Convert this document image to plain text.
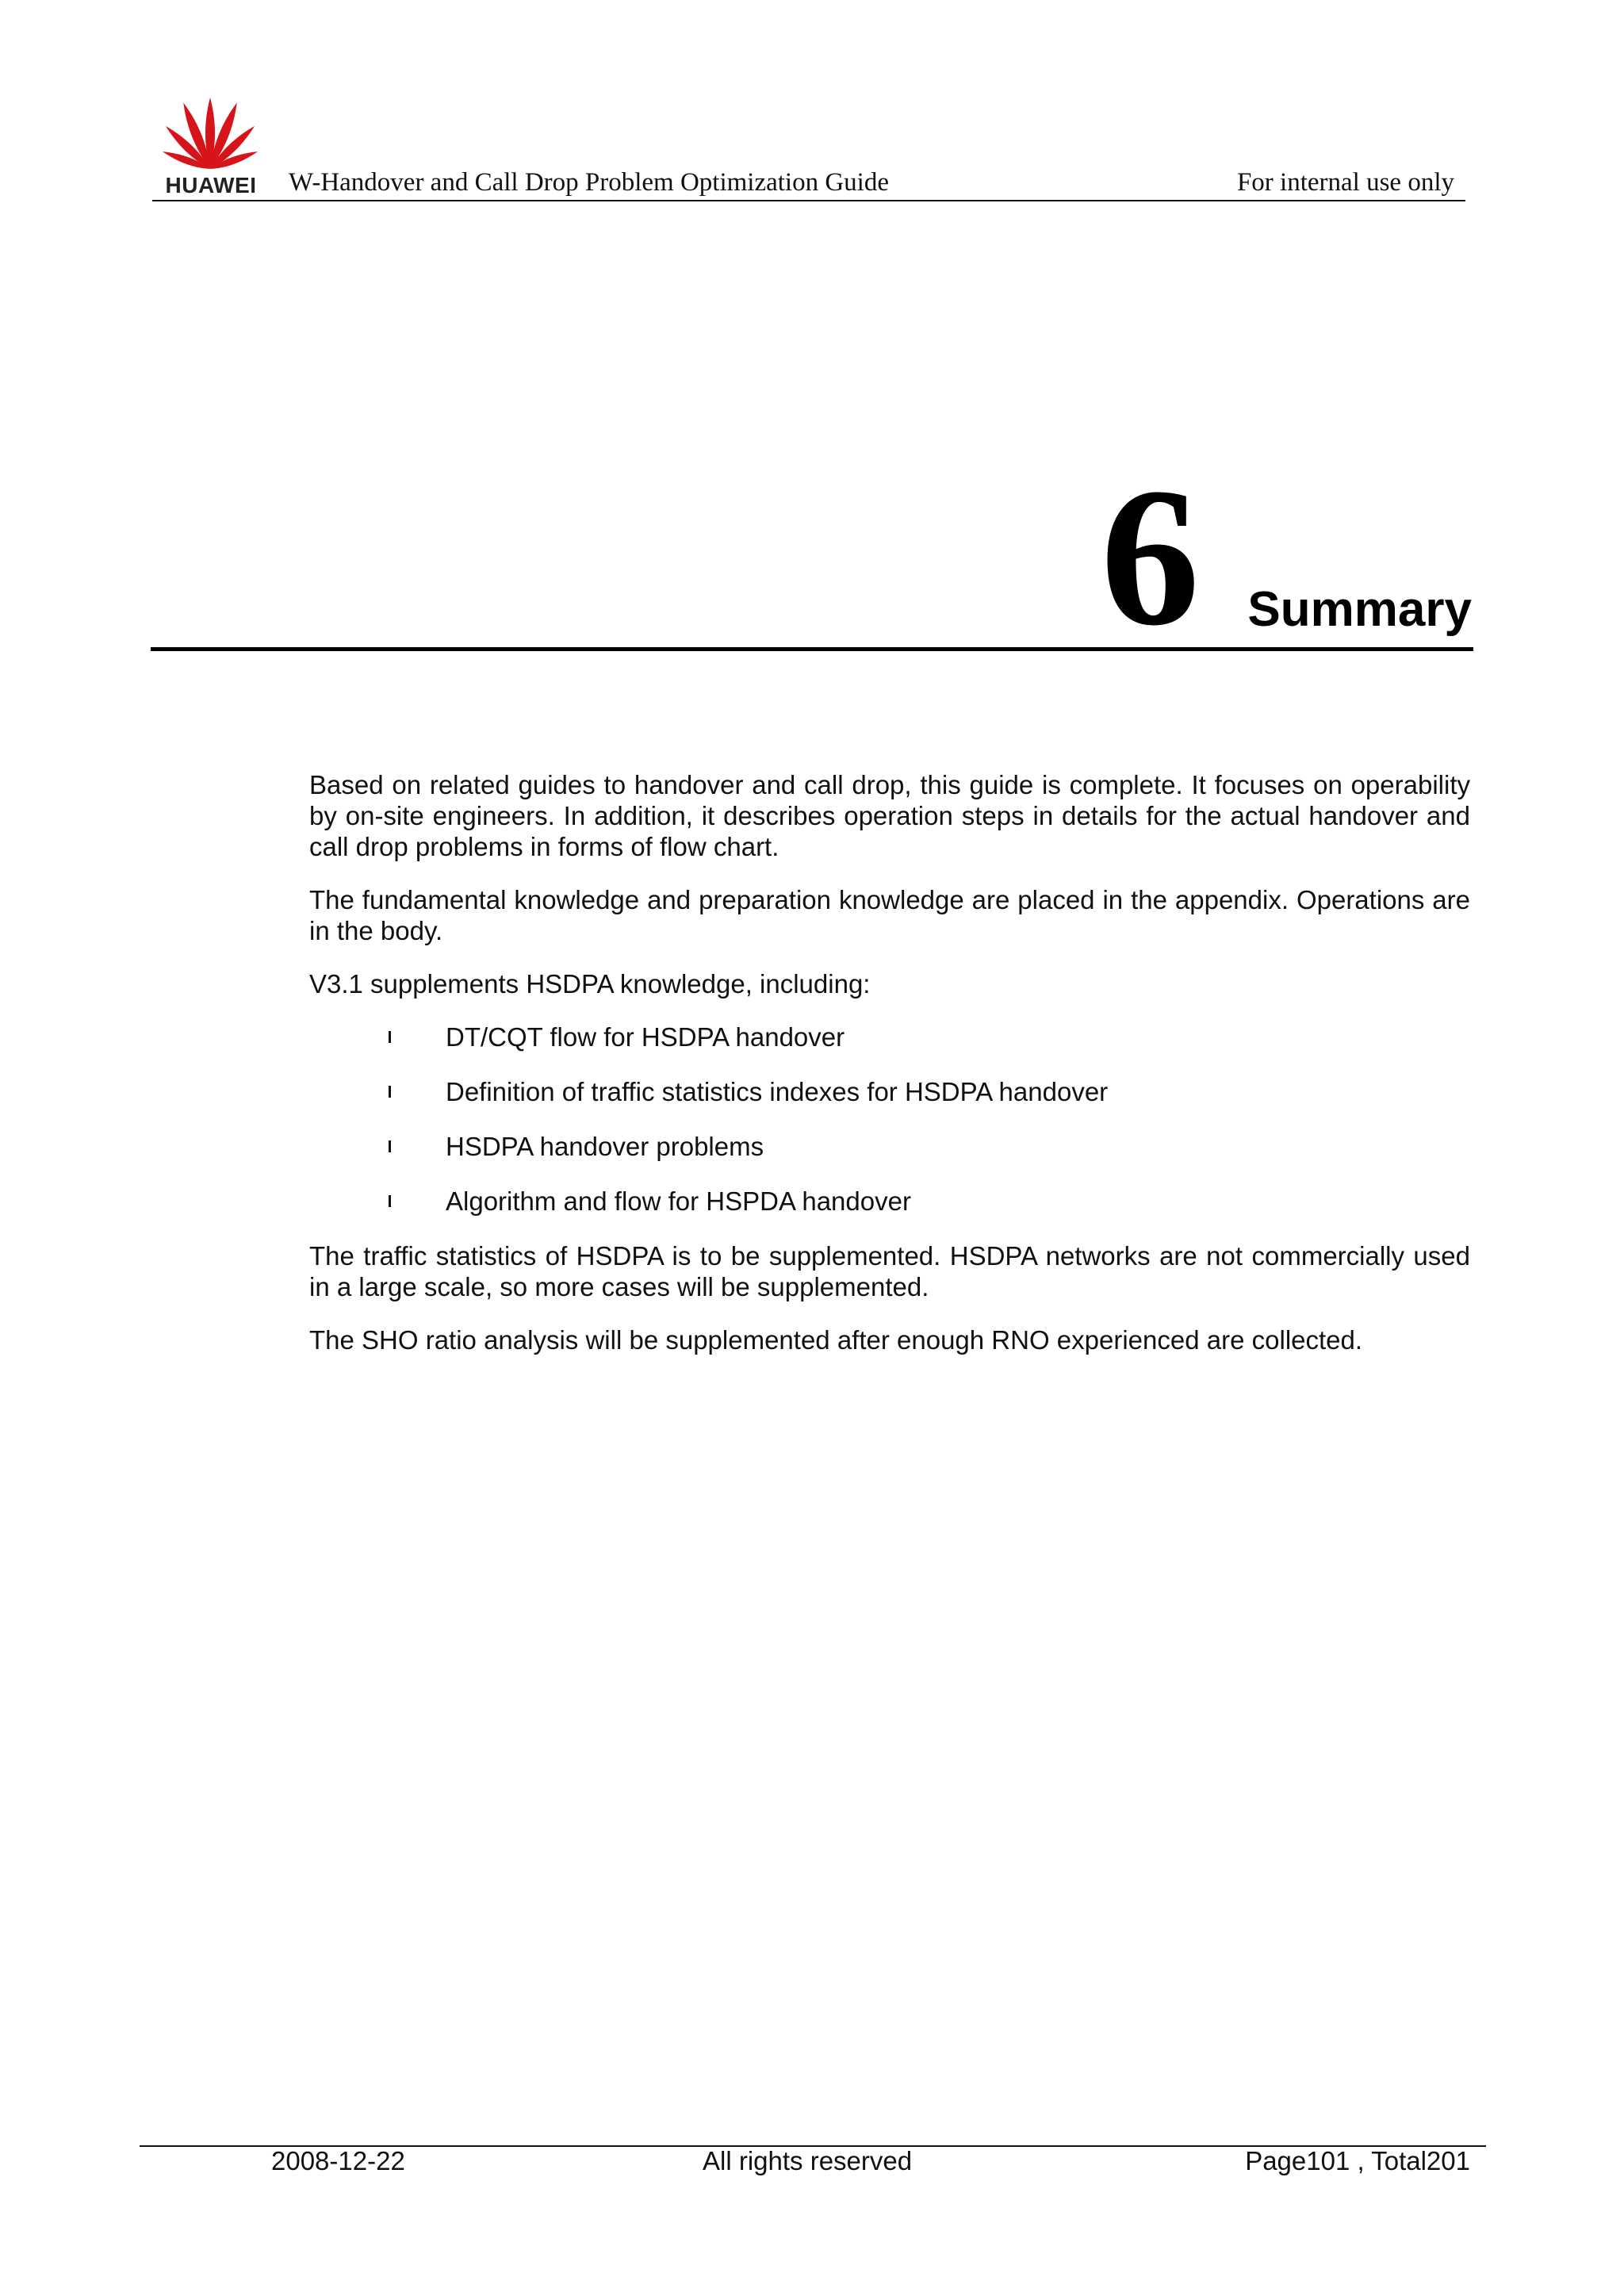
HUAWEI W-Handover and Call Drop Problem Optimization Guide	For internal use only
6 Summary

Based on related guides to handover and call drop, this guide is complete. It focuses on operability by on-site engineers. In addition, it describes operation steps in details for the actual handover and call drop problems in forms of flow chart.

The fundamental knowledge and preparation knowledge are placed in the appendix. Operations are in the body.

V3.1 supplements HSDPA knowledge, including:

DT/CQT flow for HSDPA handover
Definition of traffic statistics indexes for HSDPA handover
HSDPA handover problems
Algorithm and flow for HSPDA handover

The traffic statistics of HSDPA is to be supplemented. HSDPA networks are not commercially used in a large scale, so more cases will be supplemented.

The SHO ratio analysis will be supplemented after enough RNO experienced are collected.

2008-12-22	All rights reserved	Page101 , Total201
